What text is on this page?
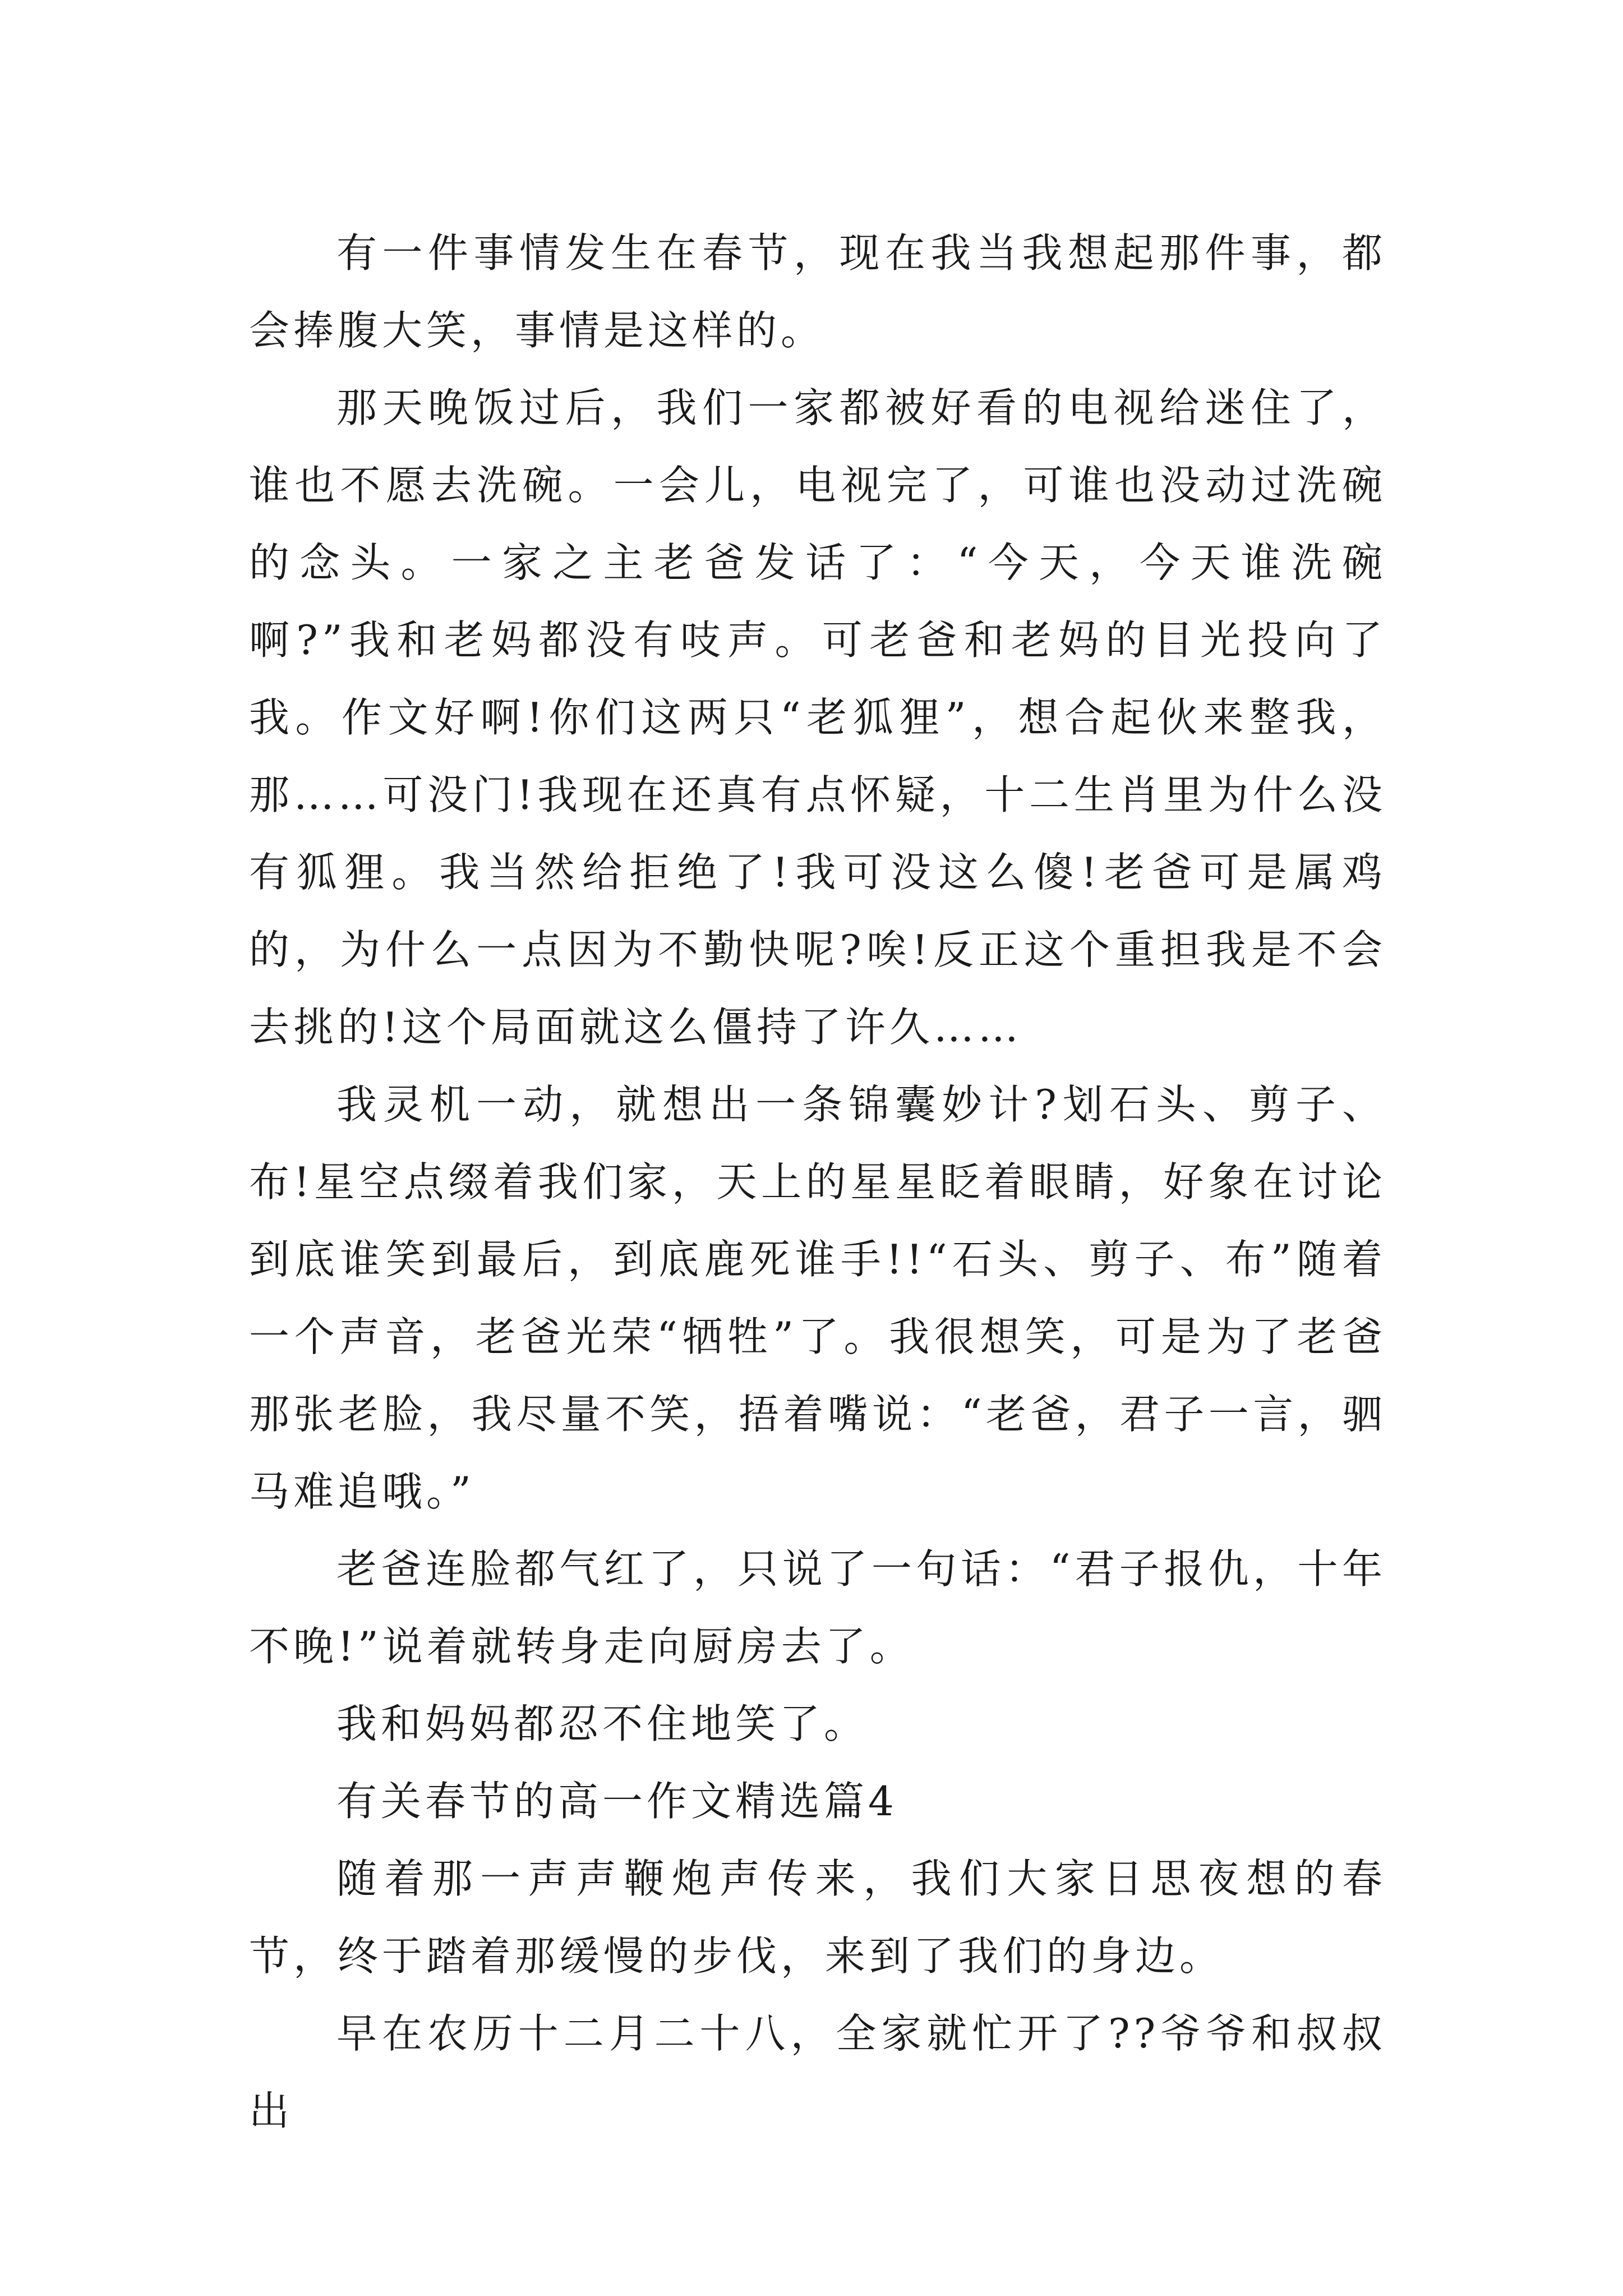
有一件事情发生在春节，现在我当我想起那件事，都会捧腹大笑，事情是这样的。

那天晚饭过后，我们一家都被好看的电视给迷住了，谁也不愿去洗碗。一会儿，电视完了，可谁也没动过洗碗的念头。一家之主老爸发话了：“今天，今天谁洗碗啊?”我和老妈都没有吱声。可老爸和老妈的目光投向了我。作文好啊!你们这两只“老狐狸”，想合起伙来整我，那……可没门!我现在还真有点怀疑，十二生肖里为什么没有狐狸。我当然给拒绝了!我可没这么傻!老爸可是属鸡的，为什么一点因为不勤快呢?唉!反正这个重担我是不会去挑的!这个局面就这么僵持了许久……

我灵机一动，就想出一条锦囊妙计?划石头、剪子、布!星空点缀着我们家，天上的星星眨着眼睛，好象在讨论到底谁笑到最后，到底鹿死谁手!!“石头、剪子、布”随着一个声音，老爸光荣“牺牲”了。我很想笑，可是为了老爸那张老脸，我尽量不笑，捂着嘴说：“老爸，君子一言，驷马难追哦。”

老爸连脸都气红了，只说了一句话：“君子报仇，十年不晚!”说着就转身走向厨房去了。

我和妈妈都忍不住地笑了。

有关春节的高一作文精选篇4

随着那一声声鞭炮声传来，我们大家日思夜想的春节，终于踏着那缓慢的步伐，来到了我们的身边。

早在农历十二月二十八，全家就忙开了??爷爷和叔叔出
